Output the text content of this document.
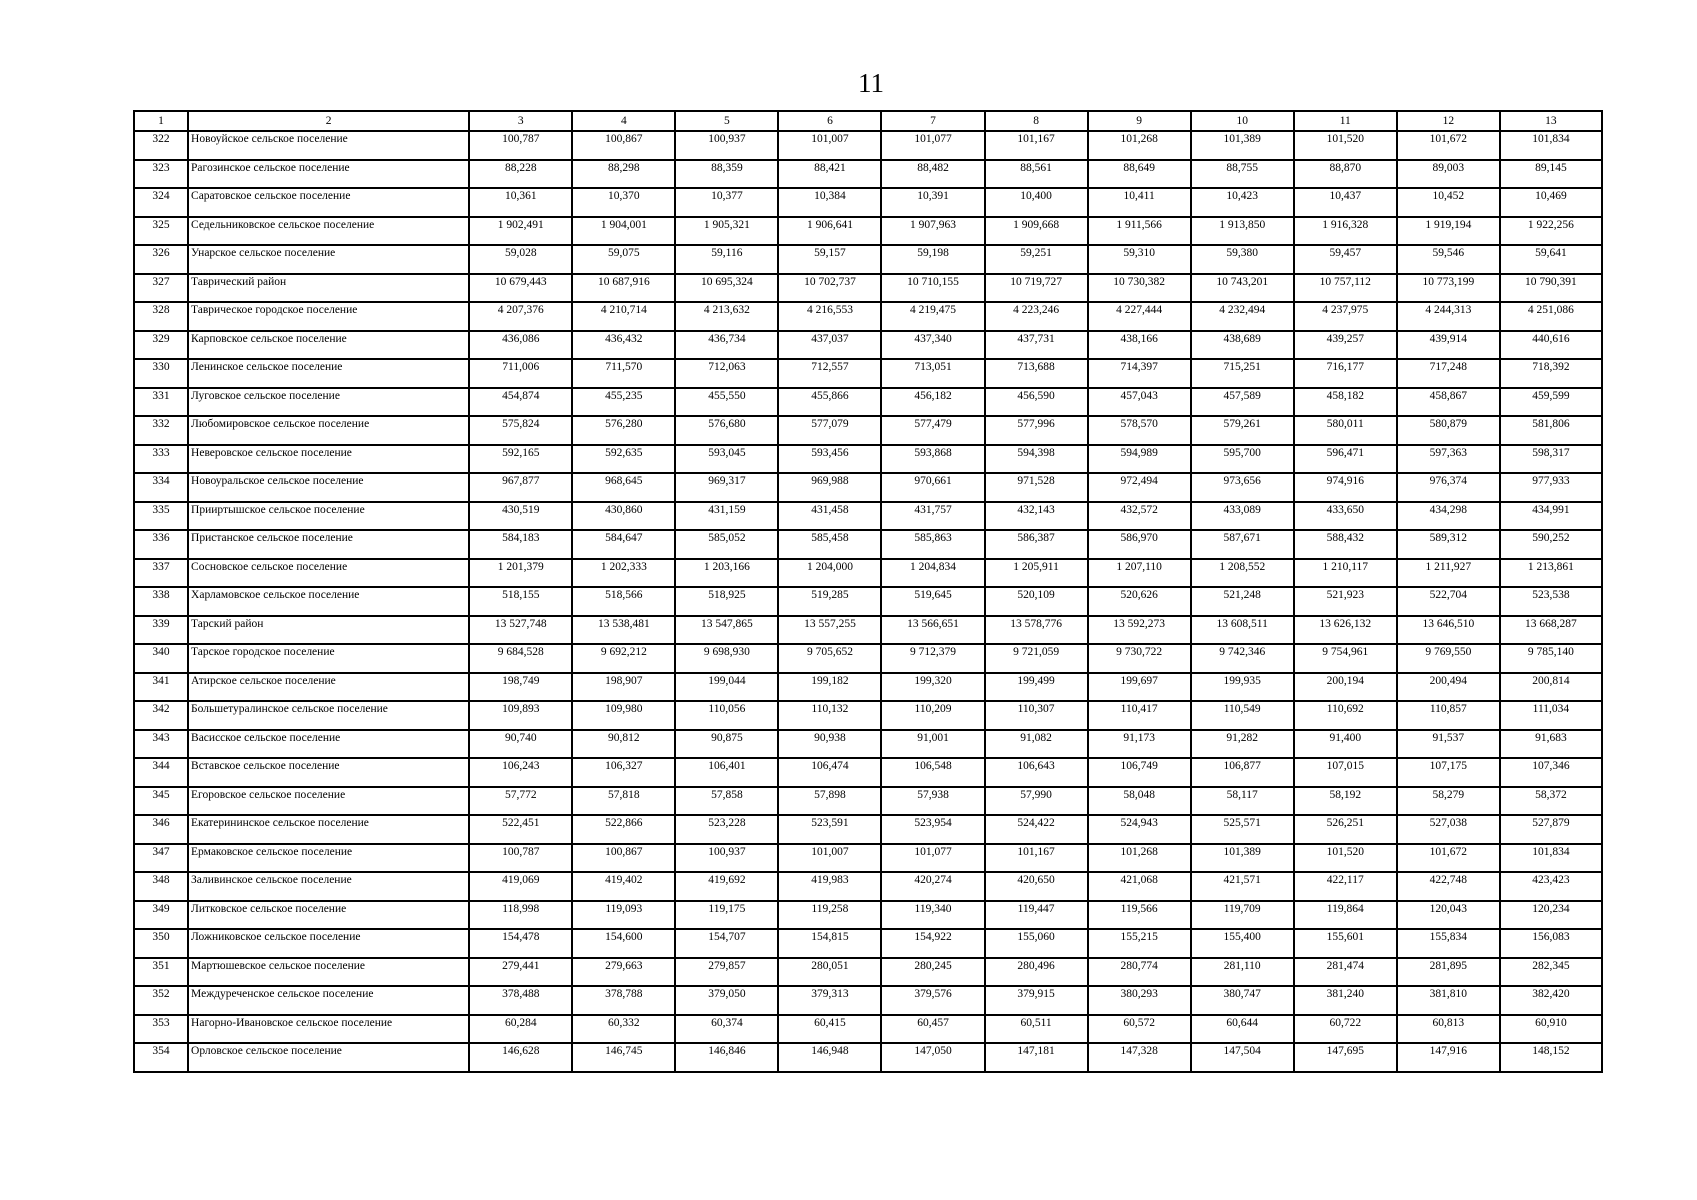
11
1	2	3	4	5	6	7	8	9	10	11	12	13
322	Новоуйское сельское поселение	100,787	100,867	100,937	101,007	101,077	101,167	101,268	101,389	101,520	101,672	101,834
323	Рагозинское сельское поселение	88,228	88,298	88,359	88,421	88,482	88,561	88,649	88,755	88,870	89,003	89,145
324	Саратовское сельское поселение	10,361	10,370	10,377	10,384	10,391	10,400	10,411	10,423	10,437	10,452	10,469
325	Седельниковское сельское поселение	1 902,491	1 904,001	1 905,321	1 906,641	1 907,963	1 909,668	1 911,566	1 913,850	1 916,328	1 919,194	1 922,256
326	Унарское сельское поселение	59,028	59,075	59,116	59,157	59,198	59,251	59,310	59,380	59,457	59,546	59,641
327	Таврический район	10 679,443	10 687,916	10 695,324	10 702,737	10 710,155	10 719,727	10 730,382	10 743,201	10 757,112	10 773,199	10 790,391
328	Таврическое городское поселение	4 207,376	4 210,714	4 213,632	4 216,553	4 219,475	4 223,246	4 227,444	4 232,494	4 237,975	4 244,313	4 251,086
329	Карповское сельское поселение	436,086	436,432	436,734	437,037	437,340	437,731	438,166	438,689	439,257	439,914	440,616
330	Ленинское сельское поселение	711,006	711,570	712,063	712,557	713,051	713,688	714,397	715,251	716,177	717,248	718,392
331	Луговское сельское поселение	454,874	455,235	455,550	455,866	456,182	456,590	457,043	457,589	458,182	458,867	459,599
332	Любомировское сельское поселение	575,824	576,280	576,680	577,079	577,479	577,996	578,570	579,261	580,011	580,879	581,806
333	Неверовское сельское поселение	592,165	592,635	593,045	593,456	593,868	594,398	594,989	595,700	596,471	597,363	598,317
334	Новоуральское сельское поселение	967,877	968,645	969,317	969,988	970,661	971,528	972,494	973,656	974,916	976,374	977,933
335	Прииртышское сельское поселение	430,519	430,860	431,159	431,458	431,757	432,143	432,572	433,089	433,650	434,298	434,991
336	Пристанское сельское поселение	584,183	584,647	585,052	585,458	585,863	586,387	586,970	587,671	588,432	589,312	590,252
337	Сосновское сельское поселение	1 201,379	1 202,333	1 203,166	1 204,000	1 204,834	1 205,911	1 207,110	1 208,552	1 210,117	1 211,927	1 213,861
338	Харламовское сельское поселение	518,155	518,566	518,925	519,285	519,645	520,109	520,626	521,248	521,923	522,704	523,538
339	Тарский район	13 527,748	13 538,481	13 547,865	13 557,255	13 566,651	13 578,776	13 592,273	13 608,511	13 626,132	13 646,510	13 668,287
340	Тарское городское поселение	9 684,528	9 692,212	9 698,930	9 705,652	9 712,379	9 721,059	9 730,722	9 742,346	9 754,961	9 769,550	9 785,140
341	Атирское сельское поселение	198,749	198,907	199,044	199,182	199,320	199,499	199,697	199,935	200,194	200,494	200,814
342	Большетуралинское сельское поселение	109,893	109,980	110,056	110,132	110,209	110,307	110,417	110,549	110,692	110,857	111,034
343	Васисское сельское поселение	90,740	90,812	90,875	90,938	91,001	91,082	91,173	91,282	91,400	91,537	91,683
344	Вставское сельское поселение	106,243	106,327	106,401	106,474	106,548	106,643	106,749	106,877	107,015	107,175	107,346
345	Егоровское сельское поселение	57,772	57,818	57,858	57,898	57,938	57,990	58,048	58,117	58,192	58,279	58,372
346	Екатерининское сельское поселение	522,451	522,866	523,228	523,591	523,954	524,422	524,943	525,571	526,251	527,038	527,879
347	Ермаковское сельское поселение	100,787	100,867	100,937	101,007	101,077	101,167	101,268	101,389	101,520	101,672	101,834
348	Заливинское сельское поселение	419,069	419,402	419,692	419,983	420,274	420,650	421,068	421,571	422,117	422,748	423,423
349	Литковское сельское поселение	118,998	119,093	119,175	119,258	119,340	119,447	119,566	119,709	119,864	120,043	120,234
350	Ложниковское сельское поселение	154,478	154,600	154,707	154,815	154,922	155,060	155,215	155,400	155,601	155,834	156,083
351	Мартюшевское сельское поселение	279,441	279,663	279,857	280,051	280,245	280,496	280,774	281,110	281,474	281,895	282,345
352	Междуреченское сельское поселение	378,488	378,788	379,050	379,313	379,576	379,915	380,293	380,747	381,240	381,810	382,420
353	Нагорно-Ивановское сельское поселение	60,284	60,332	60,374	60,415	60,457	60,511	60,572	60,644	60,722	60,813	60,910
354	Орловское сельское поселение	146,628	146,745	146,846	146,948	147,050	147,181	147,328	147,504	147,695	147,916	148,152
